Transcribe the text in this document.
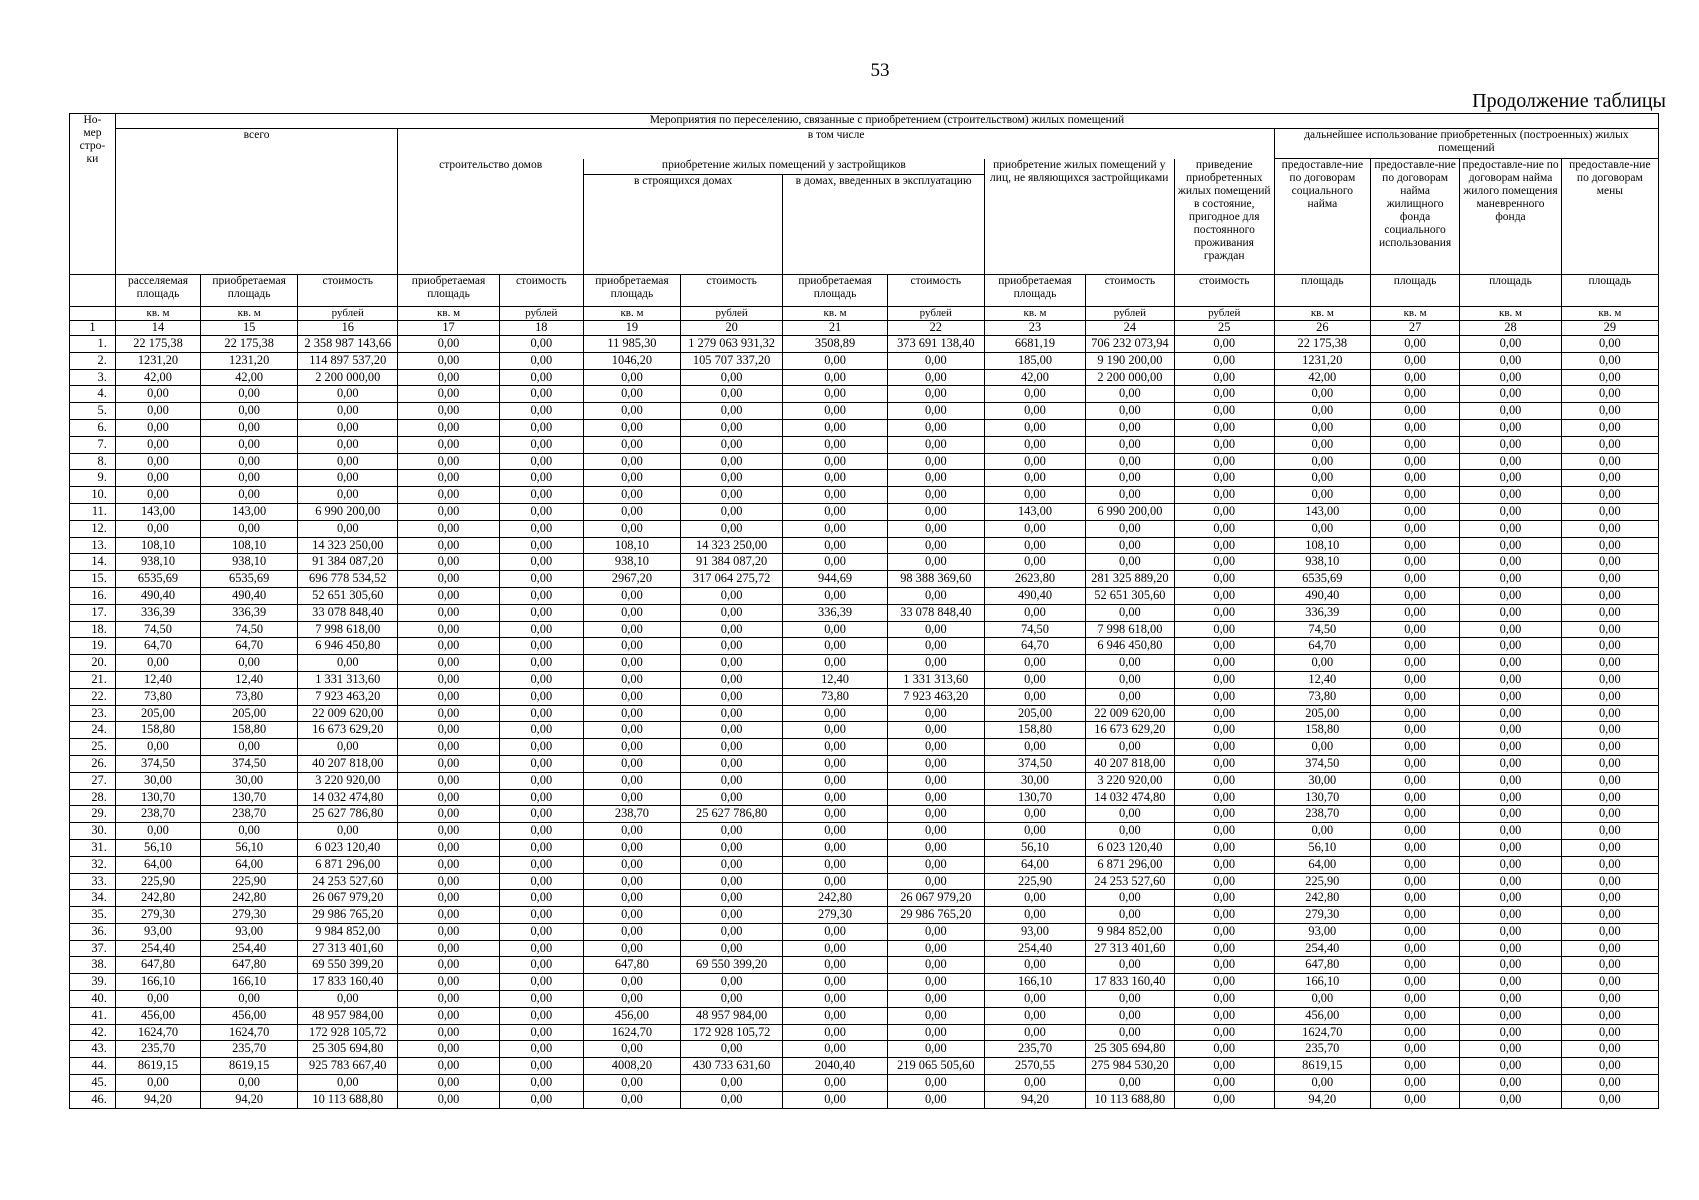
53
Продолжение таблицы
Но-
мер
стро-
ки	Мероприятия по переселению, связанные с приобретением (строительством) жилых помещений															
	всего			в том числе									дальнейшее использование приобретенных (построенных) жилых помещений			
				строительство домов		приобретение жилых помещений у застройщиков				приобретение жилых помещений у лиц, не являющихся застройщиками		приведение приобретенных жилых помещений в состояние, пригодное для постоянного проживания граждан	предоставле-ние по договорам социального найма	предоставле-ние по договорам найма жилищного фонда социального использования	предоставле-ние по договорам найма жилого помещения маневренного фонда	предоставле-ние по договорам мены
						в строящихся домах		в домах, введенных в эксплуатацию								
	расселяемая площадь	приобретаемая площадь	стоимость	приобретаемая площадь	стоимость	приобретаемая площадь	стоимость	приобретаемая площадь	стоимость	приобретаемая площадь	стоимость	стоимость	площадь	площадь	площадь	площадь
	кв. м	кв. м	рублей	кв. м	рублей	кв. м	рублей	кв. м	рублей	кв. м	рублей	рублей	кв. м	кв. м	кв. м	кв. м
1	14	15	16	17	18	19	20	21	22	23	24	25	26	27	28	29
1.	22 175,38	22 175,38	2 358 987 143,66	0,00	0,00	11 985,30	1 279 063 931,32	3508,89	373 691 138,40	6681,19	706 232 073,94	0,00	22 175,38	0,00	0,00	0,00
2.	1231,20	1231,20	114 897 537,20	0,00	0,00	1046,20	105 707 337,20	0,00	0,00	185,00	9 190 200,00	0,00	1231,20	0,00	0,00	0,00
3.	42,00	42,00	2 200 000,00	0,00	0,00	0,00	0,00	0,00	0,00	42,00	2 200 000,00	0,00	42,00	0,00	0,00	0,00
4.	0,00	0,00	0,00	0,00	0,00	0,00	0,00	0,00	0,00	0,00	0,00	0,00	0,00	0,00	0,00	0,00
5.	0,00	0,00	0,00	0,00	0,00	0,00	0,00	0,00	0,00	0,00	0,00	0,00	0,00	0,00	0,00	0,00
6.	0,00	0,00	0,00	0,00	0,00	0,00	0,00	0,00	0,00	0,00	0,00	0,00	0,00	0,00	0,00	0,00
7.	0,00	0,00	0,00	0,00	0,00	0,00	0,00	0,00	0,00	0,00	0,00	0,00	0,00	0,00	0,00	0,00
8.	0,00	0,00	0,00	0,00	0,00	0,00	0,00	0,00	0,00	0,00	0,00	0,00	0,00	0,00	0,00	0,00
9.	0,00	0,00	0,00	0,00	0,00	0,00	0,00	0,00	0,00	0,00	0,00	0,00	0,00	0,00	0,00	0,00
10.	0,00	0,00	0,00	0,00	0,00	0,00	0,00	0,00	0,00	0,00	0,00	0,00	0,00	0,00	0,00	0,00
11.	143,00	143,00	6 990 200,00	0,00	0,00	0,00	0,00	0,00	0,00	143,00	6 990 200,00	0,00	143,00	0,00	0,00	0,00
12.	0,00	0,00	0,00	0,00	0,00	0,00	0,00	0,00	0,00	0,00	0,00	0,00	0,00	0,00	0,00	0,00
13.	108,10	108,10	14 323 250,00	0,00	0,00	108,10	14 323 250,00	0,00	0,00	0,00	0,00	0,00	108,10	0,00	0,00	0,00
14.	938,10	938,10	91 384 087,20	0,00	0,00	938,10	91 384 087,20	0,00	0,00	0,00	0,00	0,00	938,10	0,00	0,00	0,00
15.	6535,69	6535,69	696 778 534,52	0,00	0,00	2967,20	317 064 275,72	944,69	98 388 369,60	2623,80	281 325 889,20	0,00	6535,69	0,00	0,00	0,00
16.	490,40	490,40	52 651 305,60	0,00	0,00	0,00	0,00	0,00	0,00	490,40	52 651 305,60	0,00	490,40	0,00	0,00	0,00
17.	336,39	336,39	33 078 848,40	0,00	0,00	0,00	0,00	336,39	33 078 848,40	0,00	0,00	0,00	336,39	0,00	0,00	0,00
18.	74,50	74,50	7 998 618,00	0,00	0,00	0,00	0,00	0,00	0,00	74,50	7 998 618,00	0,00	74,50	0,00	0,00	0,00
19.	64,70	64,70	6 946 450,80	0,00	0,00	0,00	0,00	0,00	0,00	64,70	6 946 450,80	0,00	64,70	0,00	0,00	0,00
20.	0,00	0,00	0,00	0,00	0,00	0,00	0,00	0,00	0,00	0,00	0,00	0,00	0,00	0,00	0,00	0,00
21.	12,40	12,40	1 331 313,60	0,00	0,00	0,00	0,00	12,40	1 331 313,60	0,00	0,00	0,00	12,40	0,00	0,00	0,00
22.	73,80	73,80	7 923 463,20	0,00	0,00	0,00	0,00	73,80	7 923 463,20	0,00	0,00	0,00	73,80	0,00	0,00	0,00
23.	205,00	205,00	22 009 620,00	0,00	0,00	0,00	0,00	0,00	0,00	205,00	22 009 620,00	0,00	205,00	0,00	0,00	0,00
24.	158,80	158,80	16 673 629,20	0,00	0,00	0,00	0,00	0,00	0,00	158,80	16 673 629,20	0,00	158,80	0,00	0,00	0,00
25.	0,00	0,00	0,00	0,00	0,00	0,00	0,00	0,00	0,00	0,00	0,00	0,00	0,00	0,00	0,00	0,00
26.	374,50	374,50	40 207 818,00	0,00	0,00	0,00	0,00	0,00	0,00	374,50	40 207 818,00	0,00	374,50	0,00	0,00	0,00
27.	30,00	30,00	3 220 920,00	0,00	0,00	0,00	0,00	0,00	0,00	30,00	3 220 920,00	0,00	30,00	0,00	0,00	0,00
28.	130,70	130,70	14 032 474,80	0,00	0,00	0,00	0,00	0,00	0,00	130,70	14 032 474,80	0,00	130,70	0,00	0,00	0,00
29.	238,70	238,70	25 627 786,80	0,00	0,00	238,70	25 627 786,80	0,00	0,00	0,00	0,00	0,00	238,70	0,00	0,00	0,00
30.	0,00	0,00	0,00	0,00	0,00	0,00	0,00	0,00	0,00	0,00	0,00	0,00	0,00	0,00	0,00	0,00
31.	56,10	56,10	6 023 120,40	0,00	0,00	0,00	0,00	0,00	0,00	56,10	6 023 120,40	0,00	56,10	0,00	0,00	0,00
32.	64,00	64,00	6 871 296,00	0,00	0,00	0,00	0,00	0,00	0,00	64,00	6 871 296,00	0,00	64,00	0,00	0,00	0,00
33.	225,90	225,90	24 253 527,60	0,00	0,00	0,00	0,00	0,00	0,00	225,90	24 253 527,60	0,00	225,90	0,00	0,00	0,00
34.	242,80	242,80	26 067 979,20	0,00	0,00	0,00	0,00	242,80	26 067 979,20	0,00	0,00	0,00	242,80	0,00	0,00	0,00
35.	279,30	279,30	29 986 765,20	0,00	0,00	0,00	0,00	279,30	29 986 765,20	0,00	0,00	0,00	279,30	0,00	0,00	0,00
36.	93,00	93,00	9 984 852,00	0,00	0,00	0,00	0,00	0,00	0,00	93,00	9 984 852,00	0,00	93,00	0,00	0,00	0,00
37.	254,40	254,40	27 313 401,60	0,00	0,00	0,00	0,00	0,00	0,00	254,40	27 313 401,60	0,00	254,40	0,00	0,00	0,00
38.	647,80	647,80	69 550 399,20	0,00	0,00	647,80	69 550 399,20	0,00	0,00	0,00	0,00	0,00	647,80	0,00	0,00	0,00
39.	166,10	166,10	17 833 160,40	0,00	0,00	0,00	0,00	0,00	0,00	166,10	17 833 160,40	0,00	166,10	0,00	0,00	0,00
40.	0,00	0,00	0,00	0,00	0,00	0,00	0,00	0,00	0,00	0,00	0,00	0,00	0,00	0,00	0,00	0,00
41.	456,00	456,00	48 957 984,00	0,00	0,00	456,00	48 957 984,00	0,00	0,00	0,00	0,00	0,00	456,00	0,00	0,00	0,00
42.	1624,70	1624,70	172 928 105,72	0,00	0,00	1624,70	172 928 105,72	0,00	0,00	0,00	0,00	0,00	1624,70	0,00	0,00	0,00
43.	235,70	235,70	25 305 694,80	0,00	0,00	0,00	0,00	0,00	0,00	235,70	25 305 694,80	0,00	235,70	0,00	0,00	0,00
44.	8619,15	8619,15	925 783 667,40	0,00	0,00	4008,20	430 733 631,60	2040,40	219 065 505,60	2570,55	275 984 530,20	0,00	8619,15	0,00	0,00	0,00
45.	0,00	0,00	0,00	0,00	0,00	0,00	0,00	0,00	0,00	0,00	0,00	0,00	0,00	0,00	0,00	0,00
46.	94,20	94,20	10 113 688,80	0,00	0,00	0,00	0,00	0,00	0,00	94,20	10 113 688,80	0,00	94,20	0,00	0,00	0,00
